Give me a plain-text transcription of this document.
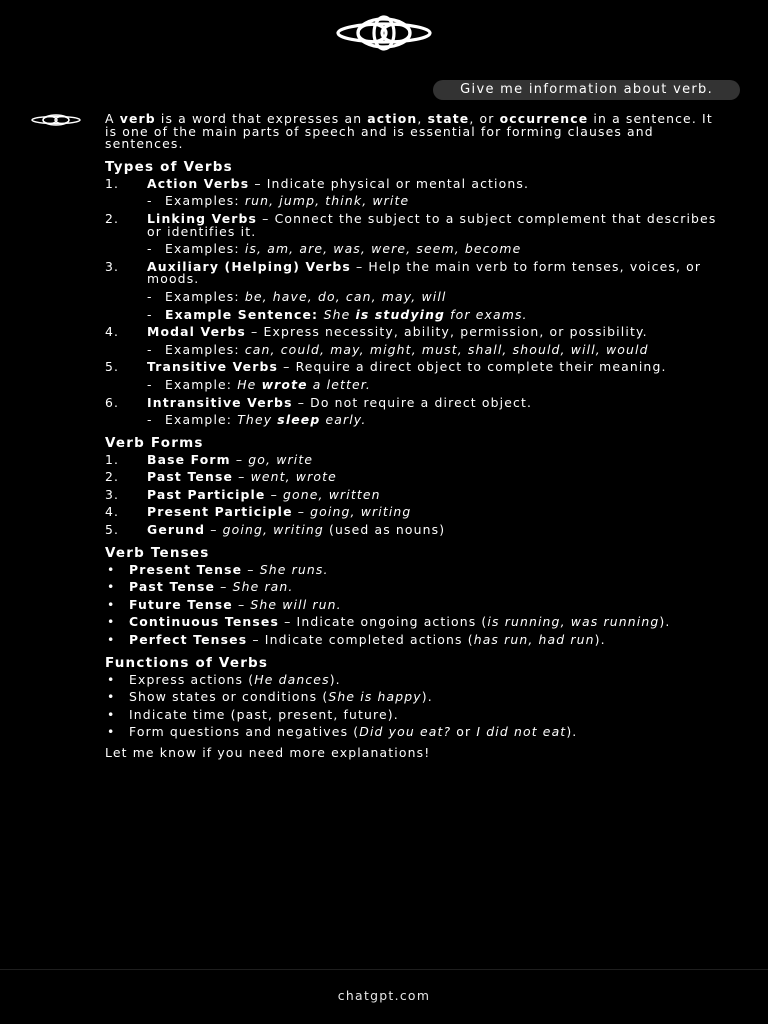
Give me information about verb.

A verb is a word that expresses an action, state, or occurrence in a sentence. It is one of the main parts of speech and is essential for forming clauses and sentences.

Types of Verbs
1. Action Verbs – Indicate physical or mental actions.
- Examples: run, jump, think, write
2. Linking Verbs – Connect the subject to a subject complement that describes or identifies it.
- Examples: is, am, are, was, were, seem, become
3. Auxiliary (Helping) Verbs – Help the main verb to form tenses, voices, or moods.
- Examples: be, have, do, can, may, will
- Example Sentence: She is studying for exams.
4. Modal Verbs – Express necessity, ability, permission, or possibility.
- Examples: can, could, may, might, must, shall, should, will, would
5. Transitive Verbs – Require a direct object to complete their meaning.
- Example: He wrote a letter.
6. Intransitive Verbs – Do not require a direct object.
- Example: They sleep early.
Verb Forms
1. Base Form – go, write
2. Past Tense – went, wrote
3. Past Participle – gone, written
4. Present Participle – going, writing
5. Gerund – going, writing (used as nouns)
Verb Tenses
• Present Tense – She runs.
• Past Tense – She ran.
• Future Tense – She will run.
• Continuous Tenses – Indicate ongoing actions (is running, was running).
• Perfect Tenses – Indicate completed actions (has run, had run).
Functions of Verbs
• Express actions (He dances).
• Show states or conditions (She is happy).
• Indicate time (past, present, future).
• Form questions and negatives (Did you eat? or I did not eat).

Let me know if you need more explanations!

chatgpt.com
